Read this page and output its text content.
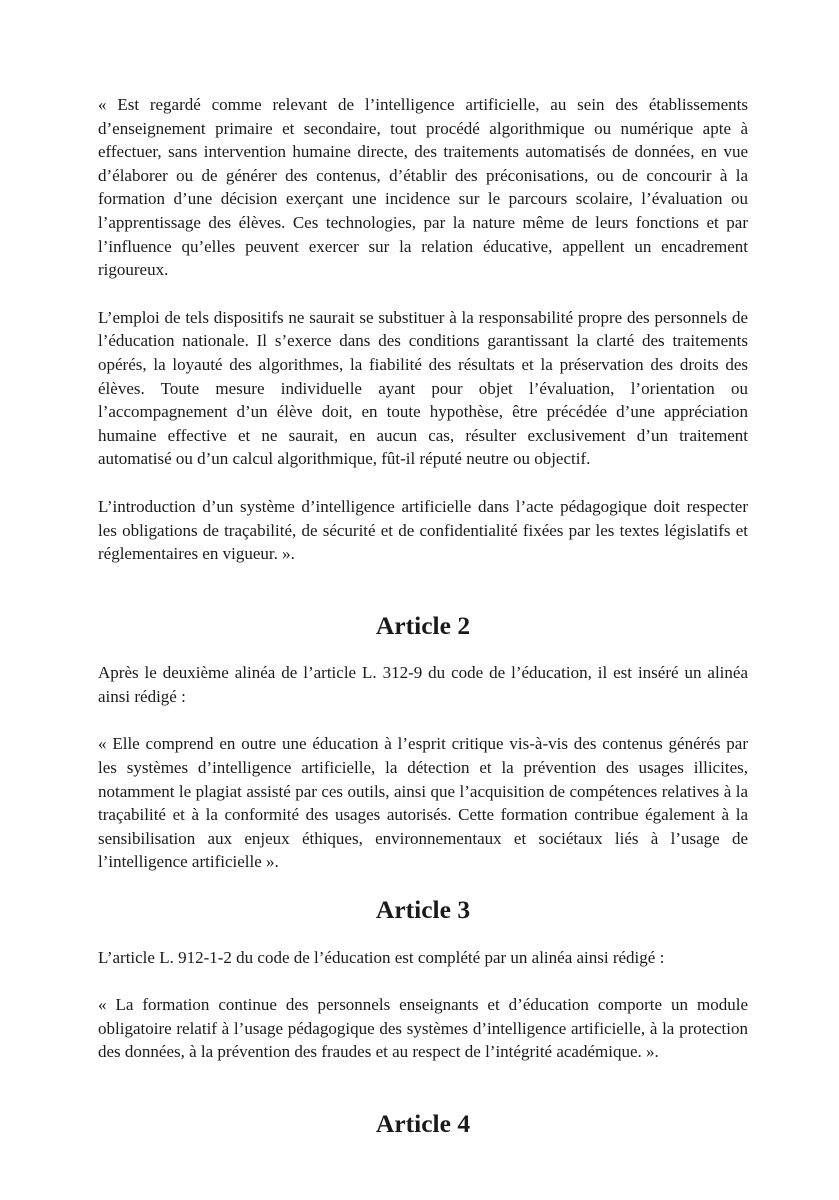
« Est regardé comme relevant de l’intelligence artificielle, au sein des établissements d’enseignement primaire et secondaire, tout procédé algorithmique ou numérique apte à effectuer, sans intervention humaine directe, des traitements automatisés de données, en vue d’élaborer ou de générer des contenus, d’établir des préconisations, ou de concourir à la formation d’une décision exerçant une incidence sur le parcours scolaire, l’évaluation ou l’apprentissage des élèves. Ces technologies, par la nature même de leurs fonctions et par l’influence qu’elles peuvent exercer sur la relation éducative, appellent un encadrement rigoureux.

L’emploi de tels dispositifs ne saurait se substituer à la responsabilité propre des personnels de l’éducation nationale. Il s’exerce dans des conditions garantissant la clarté des traitements opérés, la loyauté des algorithmes, la fiabilité des résultats et la préservation des droits des élèves. Toute mesure individuelle ayant pour objet l’évaluation, l’orientation ou l’accompagnement d’un élève doit, en toute hypothèse, être précédée d’une appréciation humaine effective et ne saurait, en aucun cas, résulter exclusivement d’un traitement automatisé ou d’un calcul algorithmique, fût-il réputé neutre ou objectif.

L’introduction d’un système d’intelligence artificielle dans l’acte pédagogique doit respecter les obligations de traçabilité, de sécurité et de confidentialité fixées par les textes législatifs et réglementaires en vigueur. ».

Article 2

Après le deuxième alinéa de l’article L. 312-9 du code de l’éducation, il est inséré un alinéa ainsi rédigé :

« Elle comprend en outre une éducation à l’esprit critique vis-à-vis des contenus générés par les systèmes d’intelligence artificielle, la détection et la prévention des usages illicites, notamment le plagiat assisté par ces outils, ainsi que l’acquisition de compétences relatives à la traçabilité et à la conformité des usages autorisés. Cette formation contribue également à la sensibilisation aux enjeux éthiques, environnementaux et sociétaux liés à l’usage de l’intelligence artificielle ».

Article 3

L’article L. 912-1-2 du code de l’éducation est complété par un alinéa ainsi rédigé :

« La formation continue des personnels enseignants et d’éducation comporte un module obligatoire relatif à l’usage pédagogique des systèmes d’intelligence artificielle, à la protection des données, à la prévention des fraudes et au respect de l’intégrité académique. ».

Article 4
